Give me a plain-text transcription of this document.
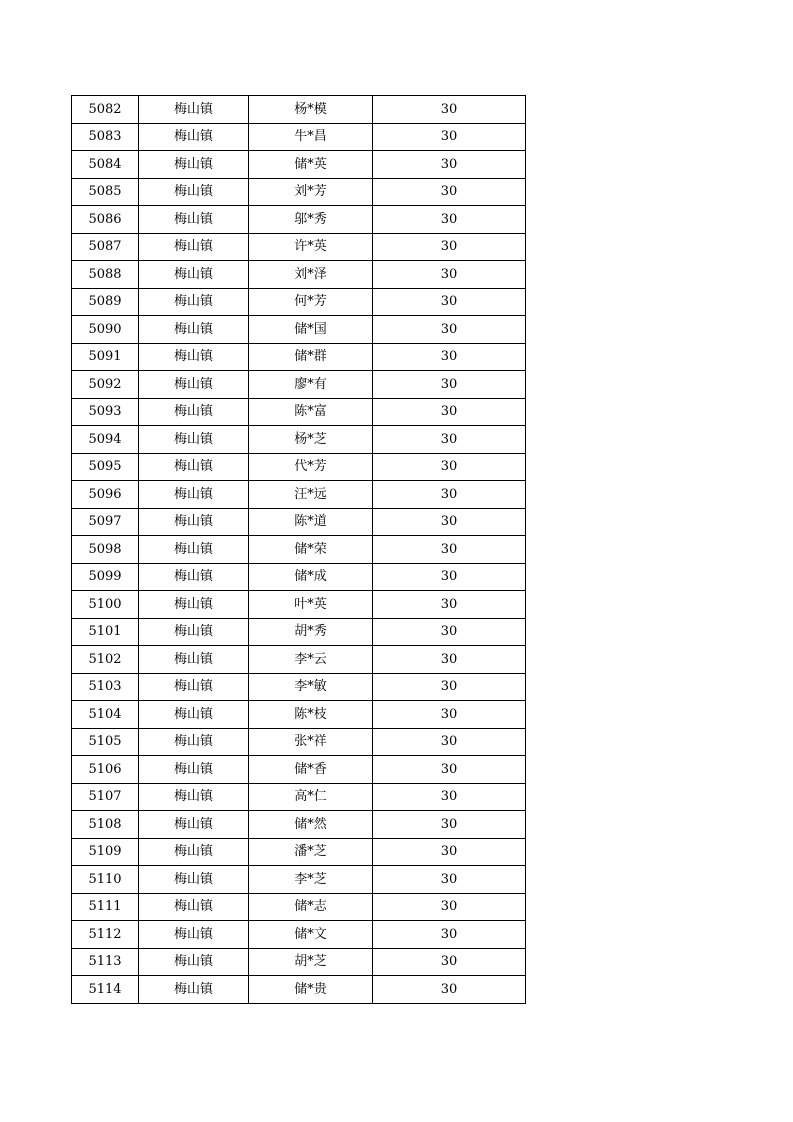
5082	梅山镇	杨*模	30
5083	梅山镇	牛*昌	30
5084	梅山镇	储*英	30
5085	梅山镇	刘*芳	30
5086	梅山镇	邬*秀	30
5087	梅山镇	许*英	30
5088	梅山镇	刘*泽	30
5089	梅山镇	何*芳	30
5090	梅山镇	储*国	30
5091	梅山镇	储*群	30
5092	梅山镇	廖*有	30
5093	梅山镇	陈*富	30
5094	梅山镇	杨*芝	30
5095	梅山镇	代*芳	30
5096	梅山镇	汪*远	30
5097	梅山镇	陈*道	30
5098	梅山镇	储*荣	30
5099	梅山镇	储*成	30
5100	梅山镇	叶*英	30
5101	梅山镇	胡*秀	30
5102	梅山镇	李*云	30
5103	梅山镇	李*敏	30
5104	梅山镇	陈*枝	30
5105	梅山镇	张*祥	30
5106	梅山镇	储*香	30
5107	梅山镇	高*仁	30
5108	梅山镇	储*然	30
5109	梅山镇	潘*芝	30
5110	梅山镇	李*芝	30
5111	梅山镇	储*志	30
5112	梅山镇	储*文	30
5113	梅山镇	胡*芝	30
5114	梅山镇	储*贵	30
